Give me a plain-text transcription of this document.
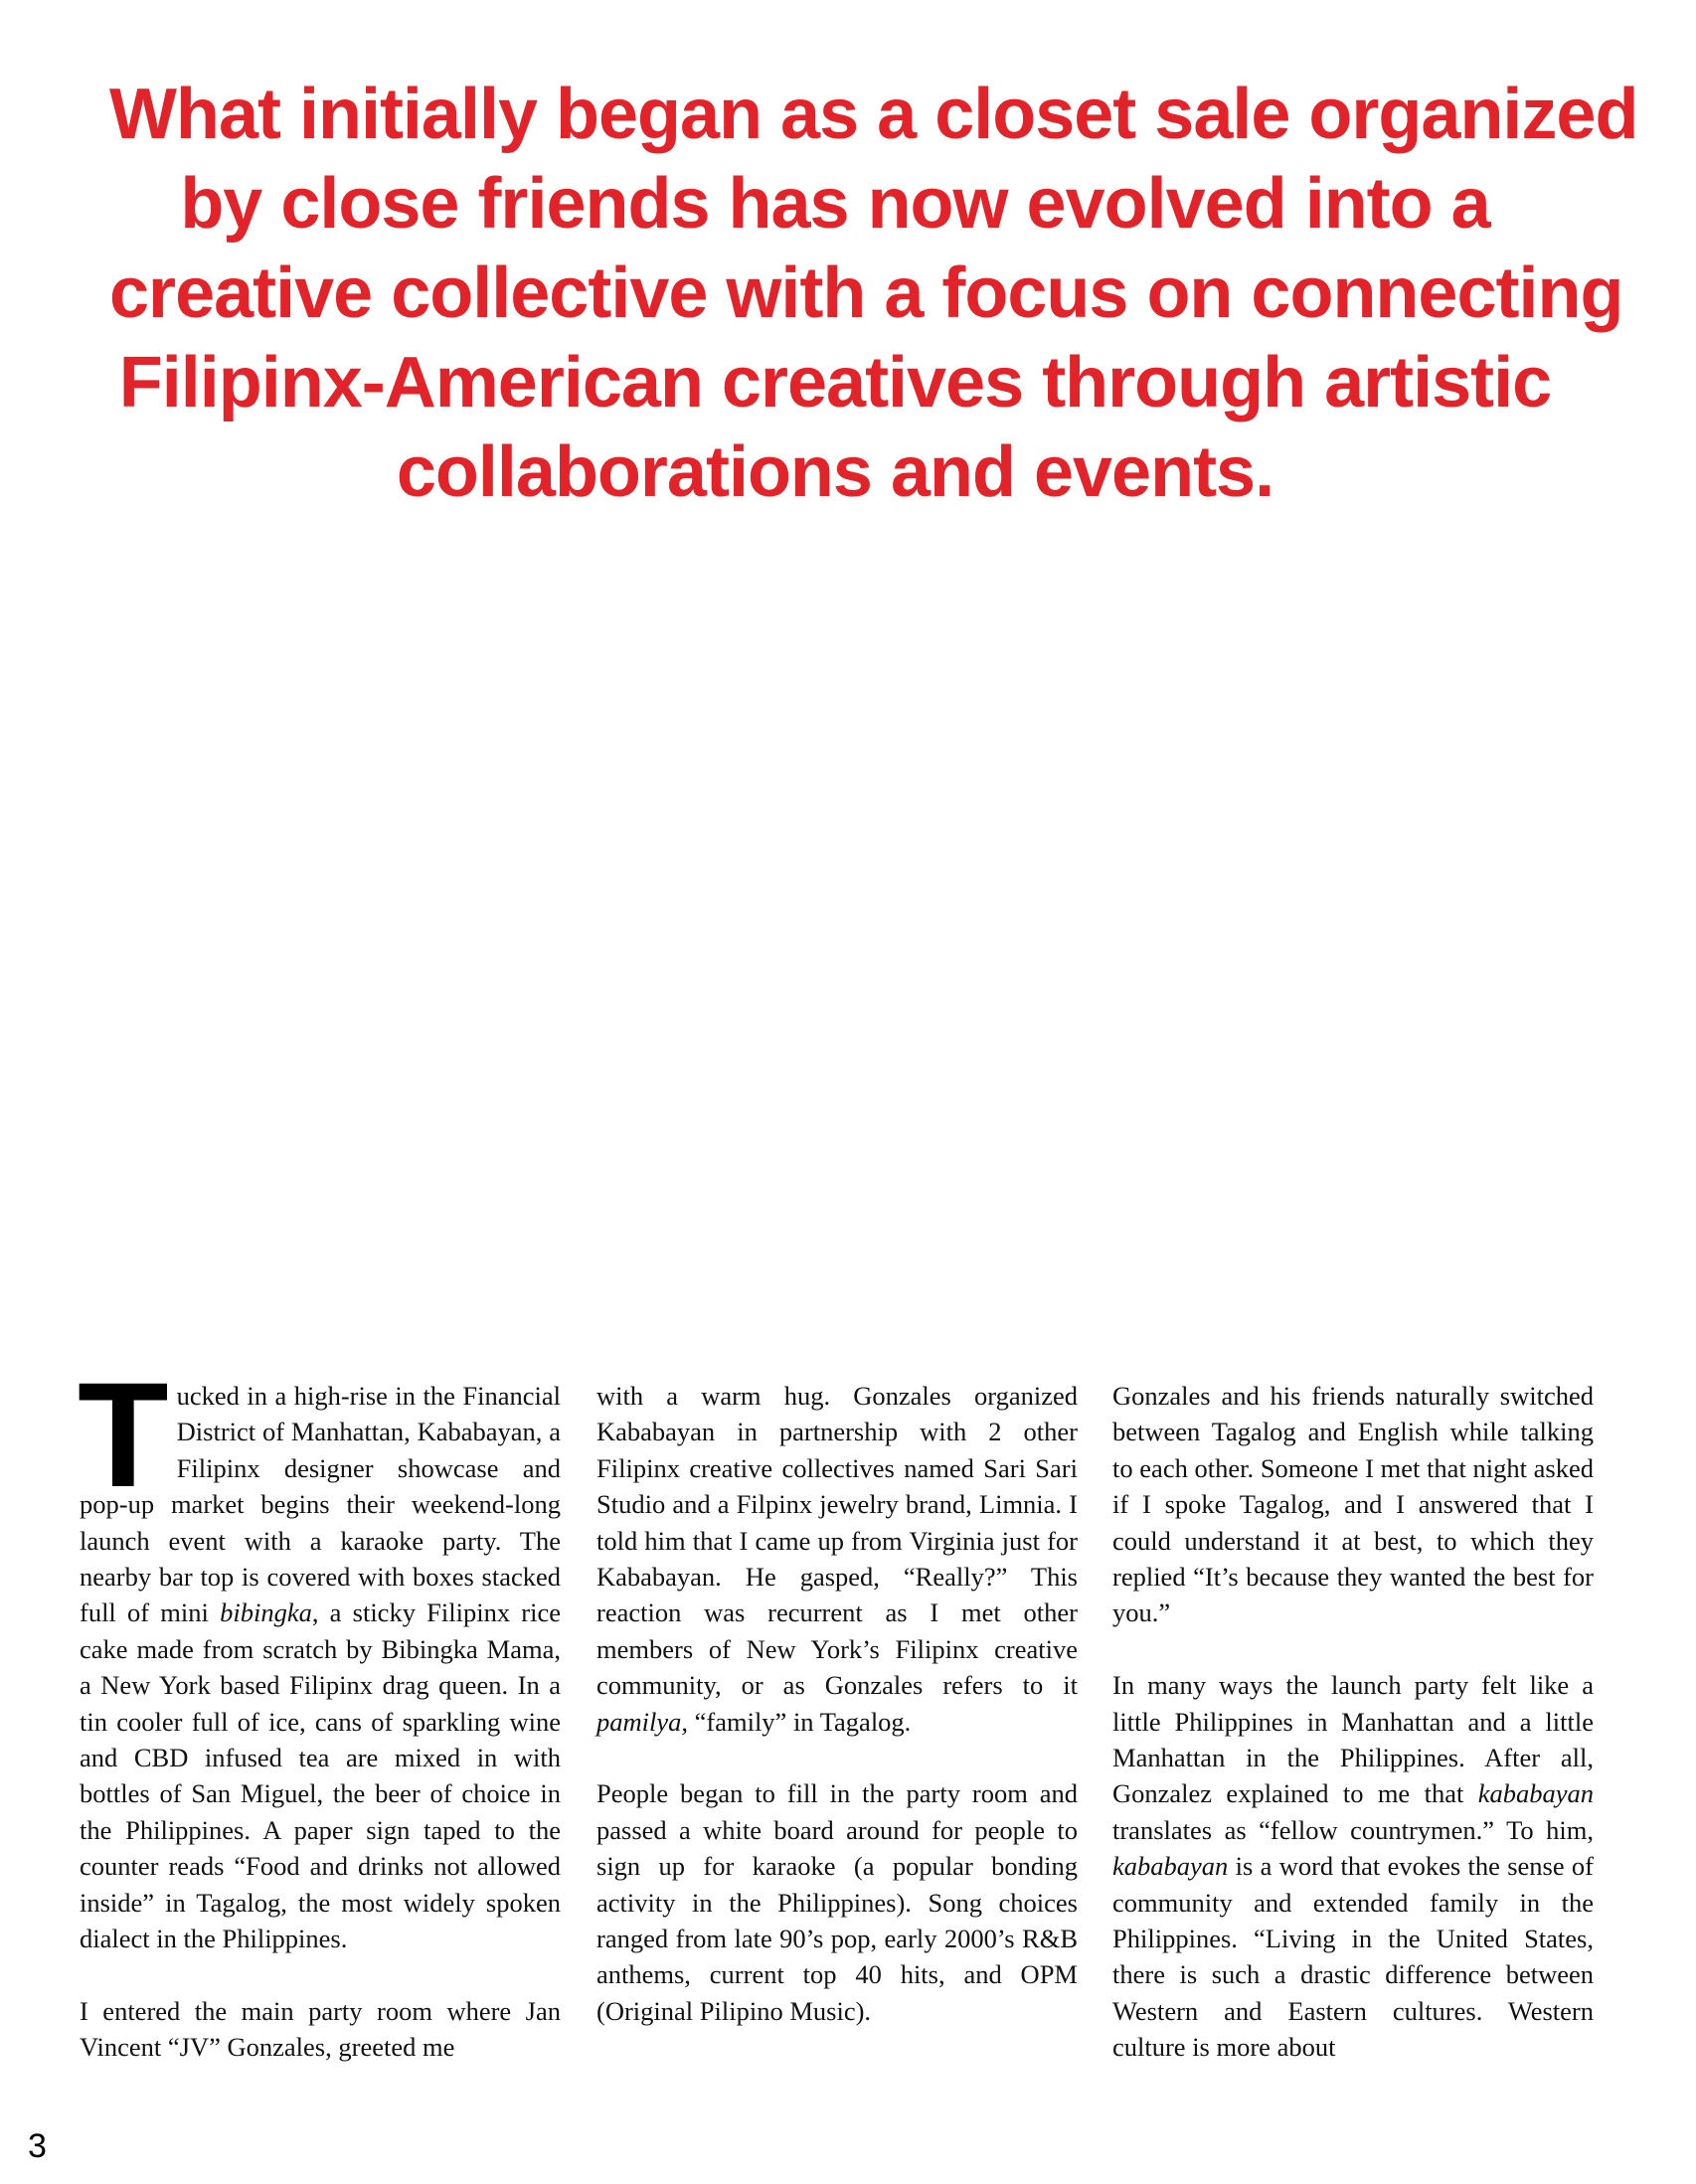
What initially began as a closet sale organized
by close friends has now evolved into a
creative collective with a focus on connecting
Filipinx-American creatives through artistic
collaborations and events.

Tucked in a high-rise in the Financial District of Manhattan, Kababayan, a Filipinx designer showcase and pop-up market begins their weekend-long launch event with a karaoke party. The nearby bar top is covered with boxes stacked full of mini bibingka, a sticky Filipinx rice cake made from scratch by Bibingka Mama, a New York based Filipinx drag queen. In a tin cooler full of ice, cans of sparkling wine and CBD infused tea are mixed in with bottles of San Miguel, the beer of choice in the Philippines. A paper sign taped to the counter reads “Food and drinks not allowed inside” in Tagalog, the most widely spoken dialect in the Philippines.

I entered the main party room where Jan Vincent “JV” Gonzales, greeted me

with a warm hug. Gonzales organized Kababayan in partnership with 2 other Filipinx creative collectives named Sari Sari Studio and a Filpinx jewelry brand, Limnia. I told him that I came up from Virginia just for Kababayan. He gasped, “Really?” This reaction was recurrent as I met other members of New York’s Filipinx creative community, or as Gonzales refers to it pamilya, “family” in Tagalog.

People began to fill in the party room and passed a white board around for people to sign up for karaoke (a popular bonding activity in the Philippines). Song choices ranged from late 90’s pop, early 2000’s R&B anthems, current top 40 hits, and OPM (Original Pilipino Music).

Gonzales and his friends naturally switched between Tagalog and English while talking to each other. Someone I met that night asked if I spoke Tagalog, and I answered that I could understand it at best, to which they replied “It’s because they wanted the best for you.”

In many ways the launch party felt like a little Philippines in Manhattan and a little Manhattan in the Philippines. After all, Gonzalez explained to me that kababayan translates as “fellow countrymen.” To him, kababayan is a word that evokes the sense of community and extended family in the Philippines. “Living in the United States, there is such a drastic difference between Western and Eastern cultures. Western culture is more about

3
